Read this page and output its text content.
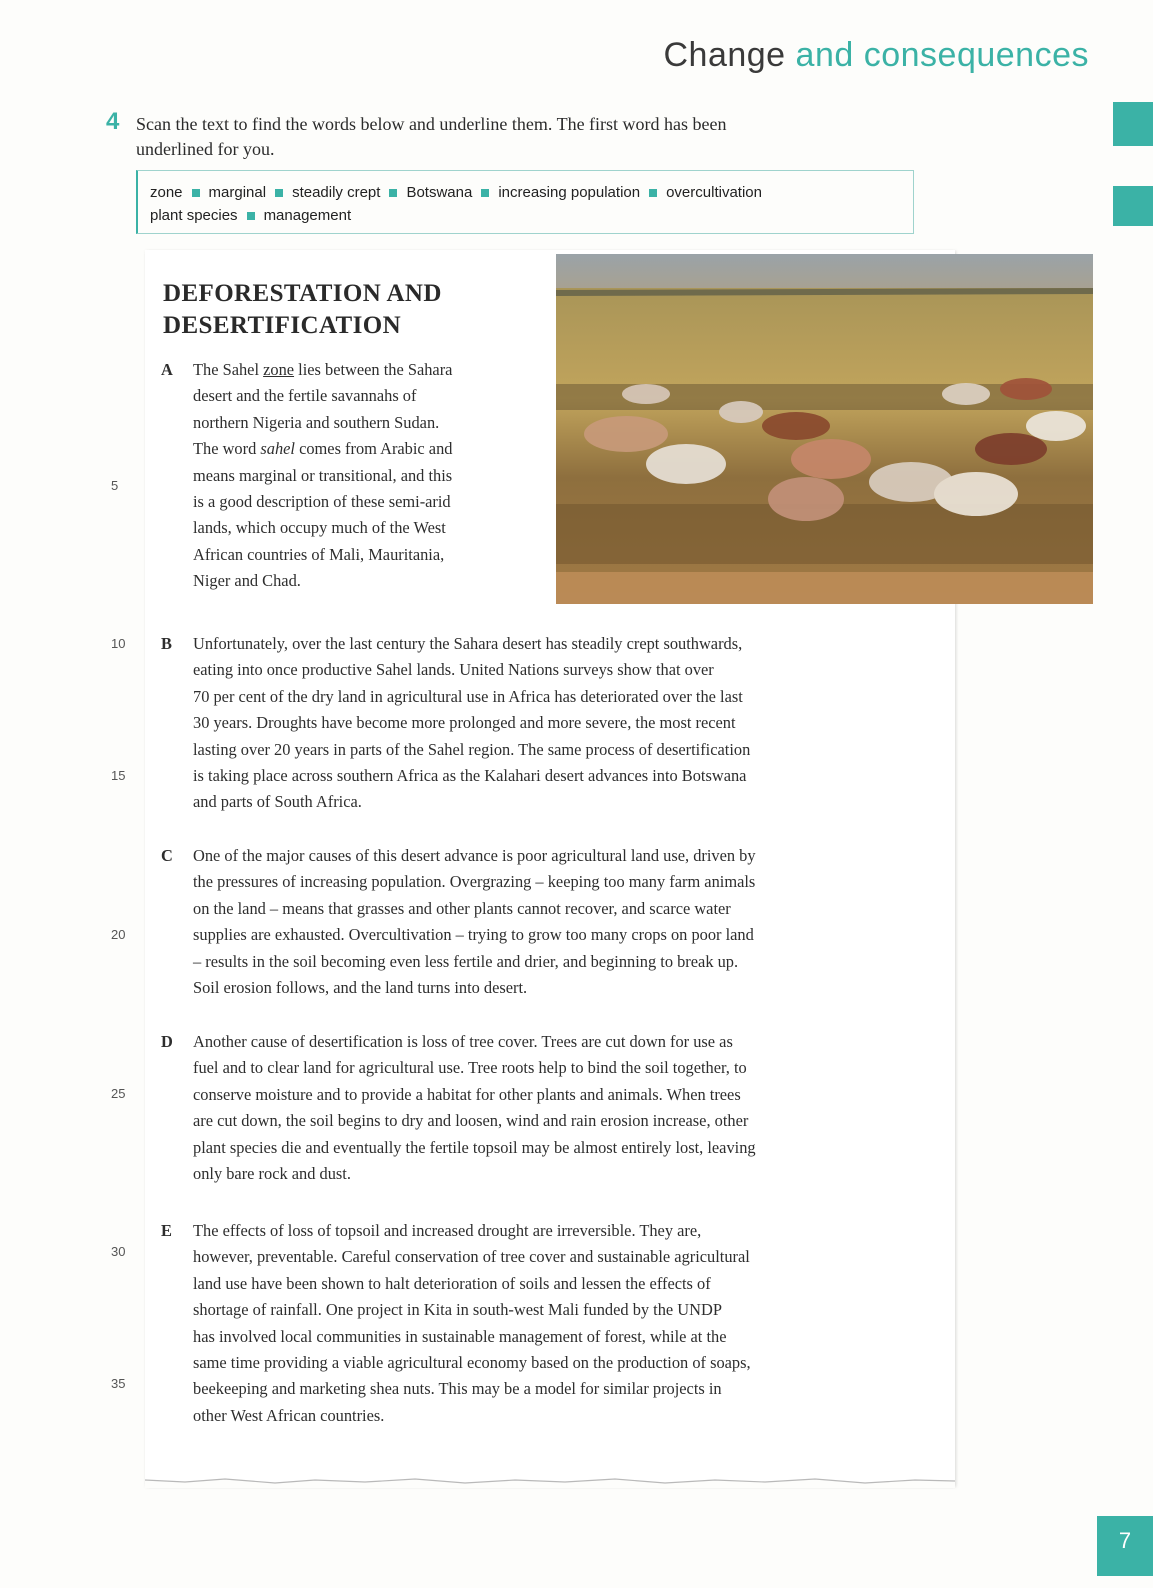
Change and consequences
4 Scan the text to find the words below and underline them. The first word has been
underlined for you.
zone marginal steadily crept Botswana increasing population overcultivation
plant species management
DEFORESTATION AND
DESERTIFICATION
A The Sahel zone lies between the Sahara
desert and the fertile savannahs of
northern Nigeria and southern Sudan.
The word sahel comes from Arabic and
means marginal or transitional, and this
is a good description of these semi-arid
lands, which occupy much of the West
African countries of Mali, Mauritania,
Niger and Chad.
B Unfortunately, over the last century the Sahara desert has steadily crept southwards,
eating into once productive Sahel lands. United Nations surveys show that over
70 per cent of the dry land in agricultural use in Africa has deteriorated over the last
30 years. Droughts have become more prolonged and more severe, the most recent
lasting over 20 years in parts of the Sahel region. The same process of desertification
is taking place across southern Africa as the Kalahari desert advances into Botswana
and parts of South Africa.
C One of the major causes of this desert advance is poor agricultural land use, driven by
the pressures of increasing population. Overgrazing – keeping too many farm animals
on the land – means that grasses and other plants cannot recover, and scarce water
supplies are exhausted. Overcultivation – trying to grow too many crops on poor land
– results in the soil becoming even less fertile and drier, and beginning to break up.
Soil erosion follows, and the land turns into desert.
D Another cause of desertification is loss of tree cover. Trees are cut down for use as
fuel and to clear land for agricultural use. Tree roots help to bind the soil together, to
conserve moisture and to provide a habitat for other plants and animals. When trees
are cut down, the soil begins to dry and loosen, wind and rain erosion increase, other
plant species die and eventually the fertile topsoil may be almost entirely lost, leaving
only bare rock and dust.
E The effects of loss of topsoil and increased drought are irreversible. They are,
however, preventable. Careful conservation of tree cover and sustainable agricultural
land use have been shown to halt deterioration of soils and lessen the effects of
shortage of rainfall. One project in Kita in south-west Mali funded by the UNDP
has involved local communities in sustainable management of forest, while at the
same time providing a viable agricultural economy based on the production of soaps,
beekeeping and marketing shea nuts. This may be a model for similar projects in
other West African countries.
5
10
15
20
25
30
35
7
